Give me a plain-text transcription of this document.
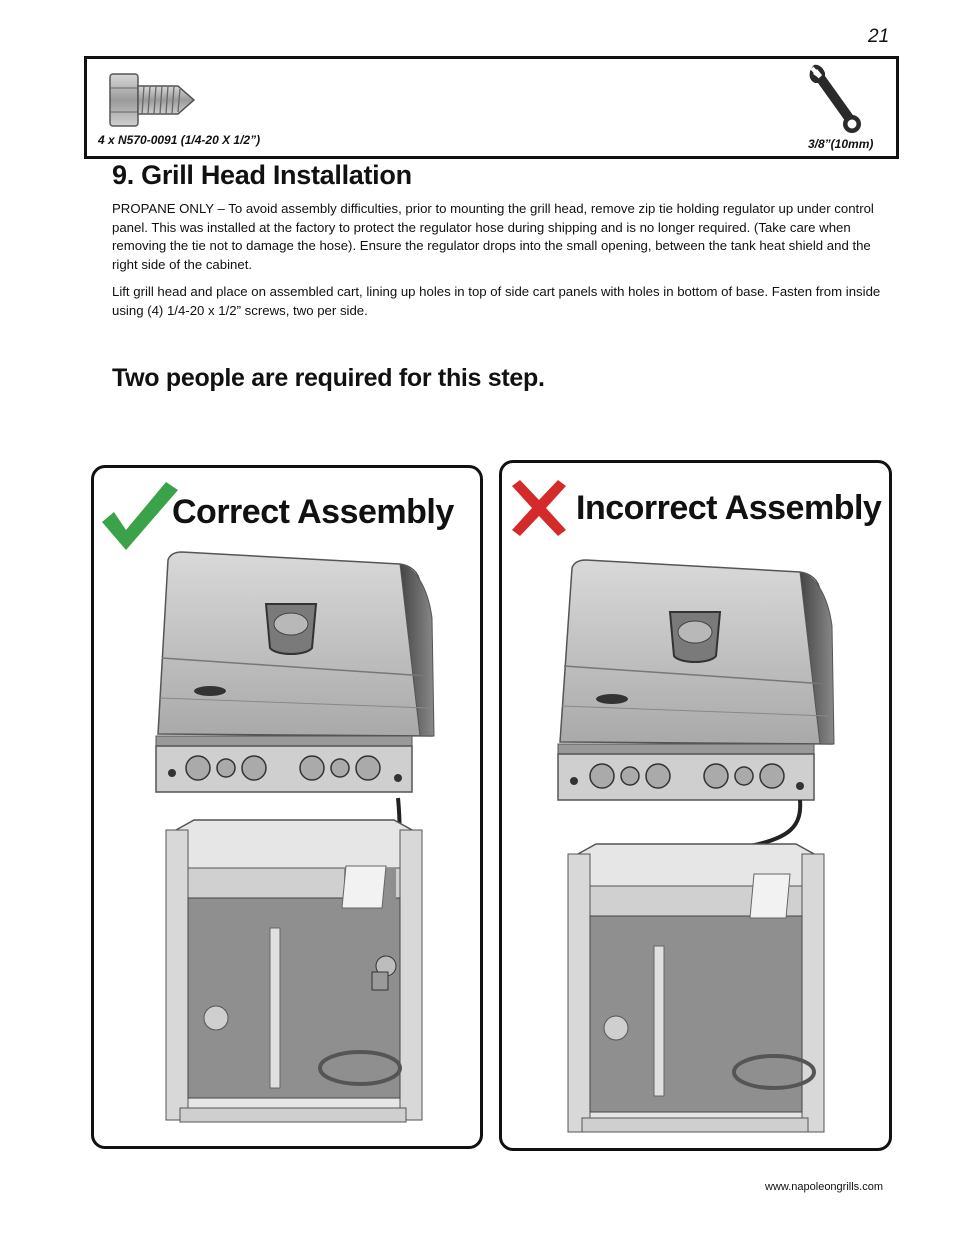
21
4 x N570-0091 (1/4-20 X 1/2”)	3/8”(10mm)
9. Grill Head Installation
PROPANE ONLY – To avoid assembly difficulties, prior to mounting the grill head, remove zip tie holding regulator up under control panel. This was installed at the factory to protect the regulator hose during shipping and is no longer required. (Take care when removing the tie not to damage the hose). Ensure the regulator drops into the small opening, between the tank heat shield and the right side of the cabinet.
Lift grill head and place on assembled cart, lining up holes in top of side cart panels with holes in bottom of base. Fasten from inside using (4) 1/4-20 x 1/2” screws, two per side.
Two people are required for this step.
Correct Assembly	Incorrect Assembly
www.napoleongrills.com
